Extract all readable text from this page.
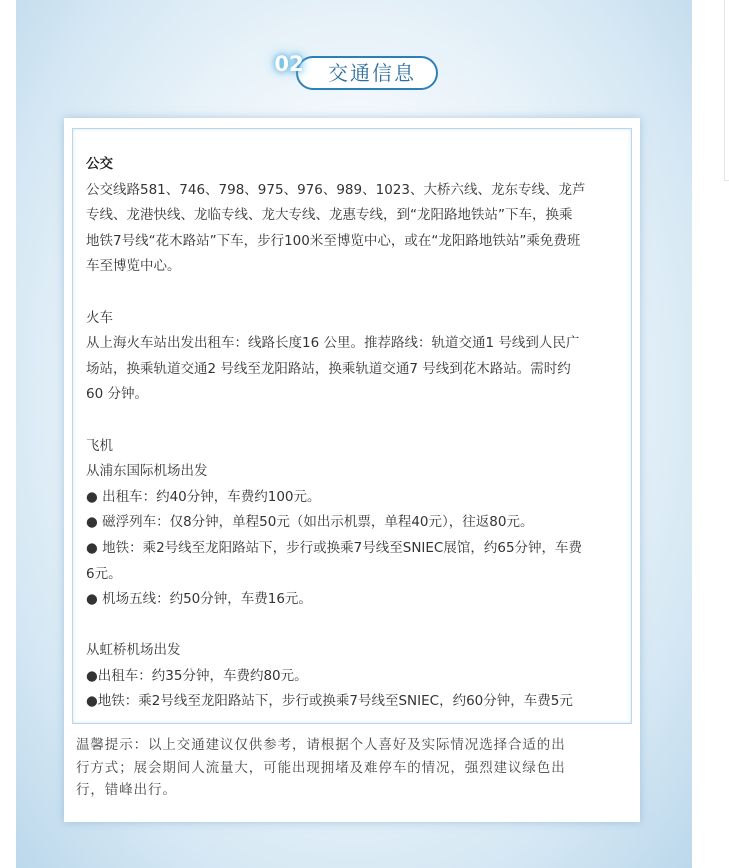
交通信息
02
公交
公交线路581、746、798、975、976、989、1023、大桥六线、龙东专线、龙芦
专线、龙港快线、龙临专线、龙大专线、龙惠专线，到“龙阳路地铁站”下车，换乘
地铁7号线“花木路站”下车，步行100米至博览中心，或在“龙阳路地铁站”乘免费班
车至博览中心。
火车
从上海火车站出发出租车：线路长度16 公里。推荐路线：轨道交通1 号线到人民广
场站，换乘轨道交通2 号线至龙阳路站，换乘轨道交通7 号线到花木路站。需时约
60 分钟。
飞机
从浦东国际机场出发
● 出租车：约40分钟，车费约100元。
● 磁浮列车：仅8分钟，单程50元（如出示机票，单程40元），往返80元。
● 地铁：乘2号线至龙阳路站下，步行或换乘7号线至SNIEC展馆，约65分钟，车费
6元。
● 机场五线：约50分钟，车费16元。
从虹桥机场出发
●出租车：约35分钟，车费约80元。
●地铁：乘2号线至龙阳路站下，步行或换乘7号线至SNIEC，约60分钟，车费5元
温馨提示：以上交通建议仅供参考，请根据个人喜好及实际情况选择合适的出
行方式；展会期间人流量大，可能出现拥堵及难停车的情况，强烈建议绿色出
行，错峰出行。
